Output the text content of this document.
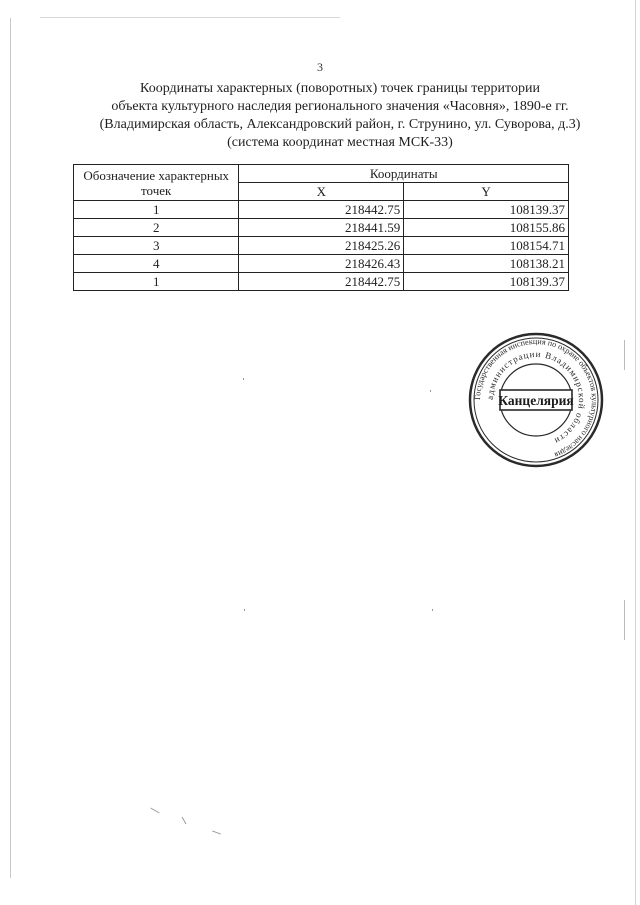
3
Координаты характерных (поворотных) точек границы территории
объекта культурного наследия регионального значения «Часовня», 1890-е гг.
(Владимирская область, Александровский район, г. Струнино, ул. Суворова, д.3)
(система координат местная МСК-33)
Обозначение характерных точек	Координаты	
	X	Y
1	218442.75	108139.37
2	218441.59	108155.86
3	218425.26	108154.71
4	218426.43	108138.21
1	218442.75	108139.37
Государственная инспекция по охране объектов культурного наследия
администрации Владимирской области
Канцелярия
